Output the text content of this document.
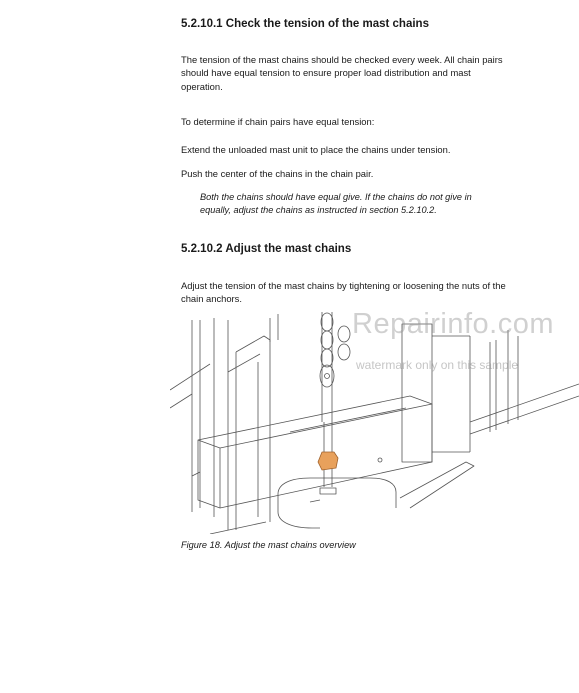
5.2.10.1 Check the tension of the mast chains

The tension of the mast chains should be checked every week. All chain pairs
should have equal tension to ensure proper load distribution and mast
operation.

To determine if chain pairs have equal tension:

Extend the unloaded mast unit to place the chains under tension.

Push the center of the chains in the chain pair.

Both the chains should have equal give. If the chains do not give in
equally, adjust the chains as instructed in section 5.2.10.2.

5.2.10.2 Adjust the mast chains

Adjust the tension of the mast chains by tightening or loosening the nuts of the
chain anchors.

Repairinfo.com
watermark only on this sample

Figure 18. Adjust the mast chains overview
